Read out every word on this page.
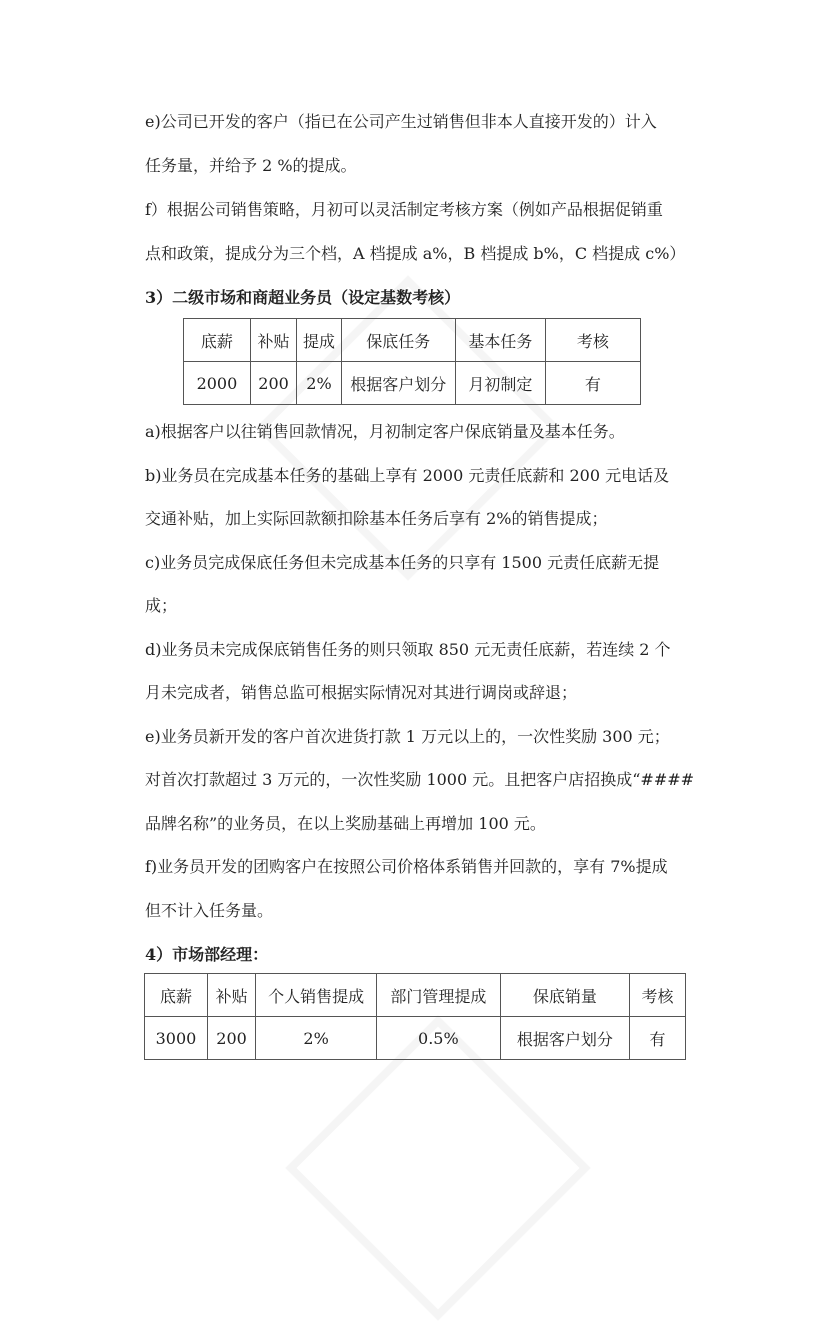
e)公司已开发的客户（指已在公司产生过销售但非本人直接开发的）计入
任务量，并给予 2 %的提成。
f）根据公司销售策略，月初可以灵活制定考核方案（例如产品根据促销重
点和政策，提成分为三个档，A 档提成 a%，B 档提成 b%，C 档提成 c%）
3）二级市场和商超业务员（设定基数考核）
底薪	补贴	提成	保底任务	基本任务	考核
2000	200	2%	根据客户划分	月初制定	有
a)根据客户以往销售回款情况，月初制定客户保底销量及基本任务。
b)业务员在完成基本任务的基础上享有 2000 元责任底薪和 200 元电话及
交通补贴，加上实际回款额扣除基本任务后享有 2%的销售提成；
c)业务员完成保底任务但未完成基本任务的只享有 1500 元责任底薪无提
成；
d)业务员未完成保底销售任务的则只领取 850 元无责任底薪，若连续 2 个
月未完成者，销售总监可根据实际情况对其进行调岗或辞退；
e)业务员新开发的客户首次进货打款 1 万元以上的，一次性奖励 300 元；
对首次打款超过 3 万元的，一次性奖励 1000 元。且把客户店招换成“####
品牌名称”的业务员，在以上奖励基础上再增加 100 元。
f)业务员开发的团购客户在按照公司价格体系销售并回款的，享有 7%提成
但不计入任务量。
4）市场部经理：
底薪	补贴	个人销售提成	部门管理提成	保底销量	考核
3000	200	2%	0.5%	根据客户划分	有
